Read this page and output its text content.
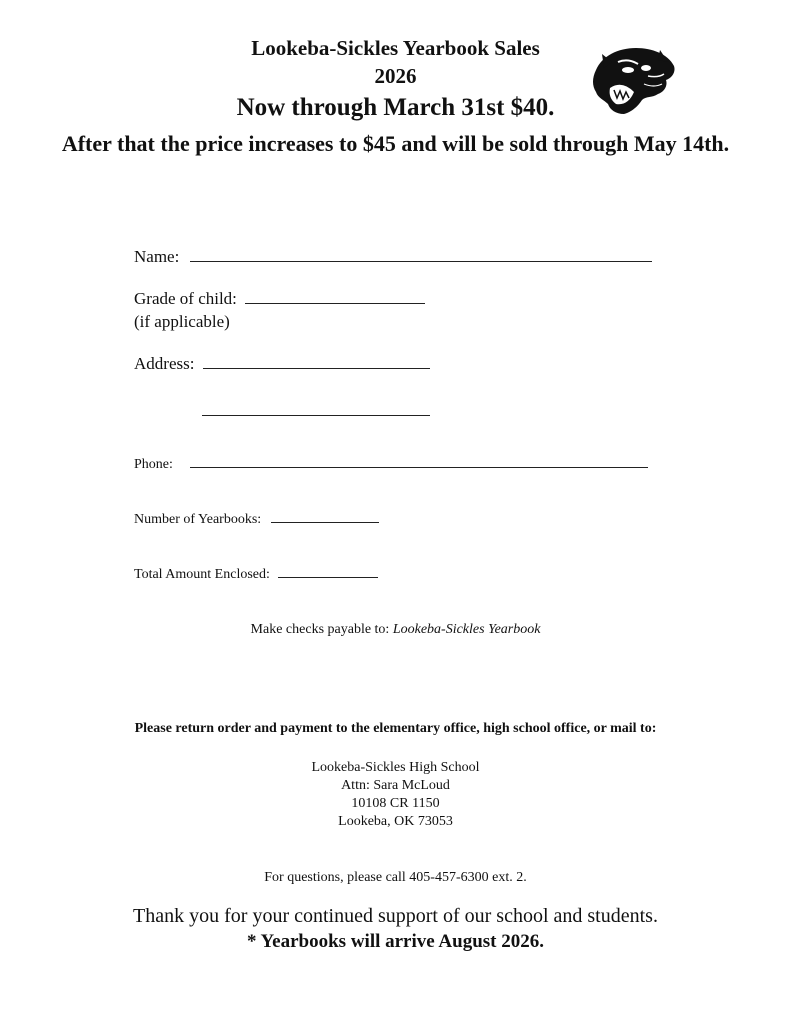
Lookeba-Sickles Yearbook Sales
2026
Now through March 31st $40.
After that the price increases to $45 and will be sold through May 14th.
Name:
Grade of child:
(if applicable)
Address:
Phone:
Number of Yearbooks:
Total Amount Enclosed:
Make checks payable to: Lookeba-Sickles Yearbook
Please return order and payment to the elementary office, high school office, or mail to:
Lookeba-Sickles High School
Attn: Sara McLoud
10108 CR 1150
Lookeba, OK 73053
For questions, please call 405-457-6300 ext. 2.
Thank you for your continued support of our school and students.
* Yearbooks will arrive August 2026.
